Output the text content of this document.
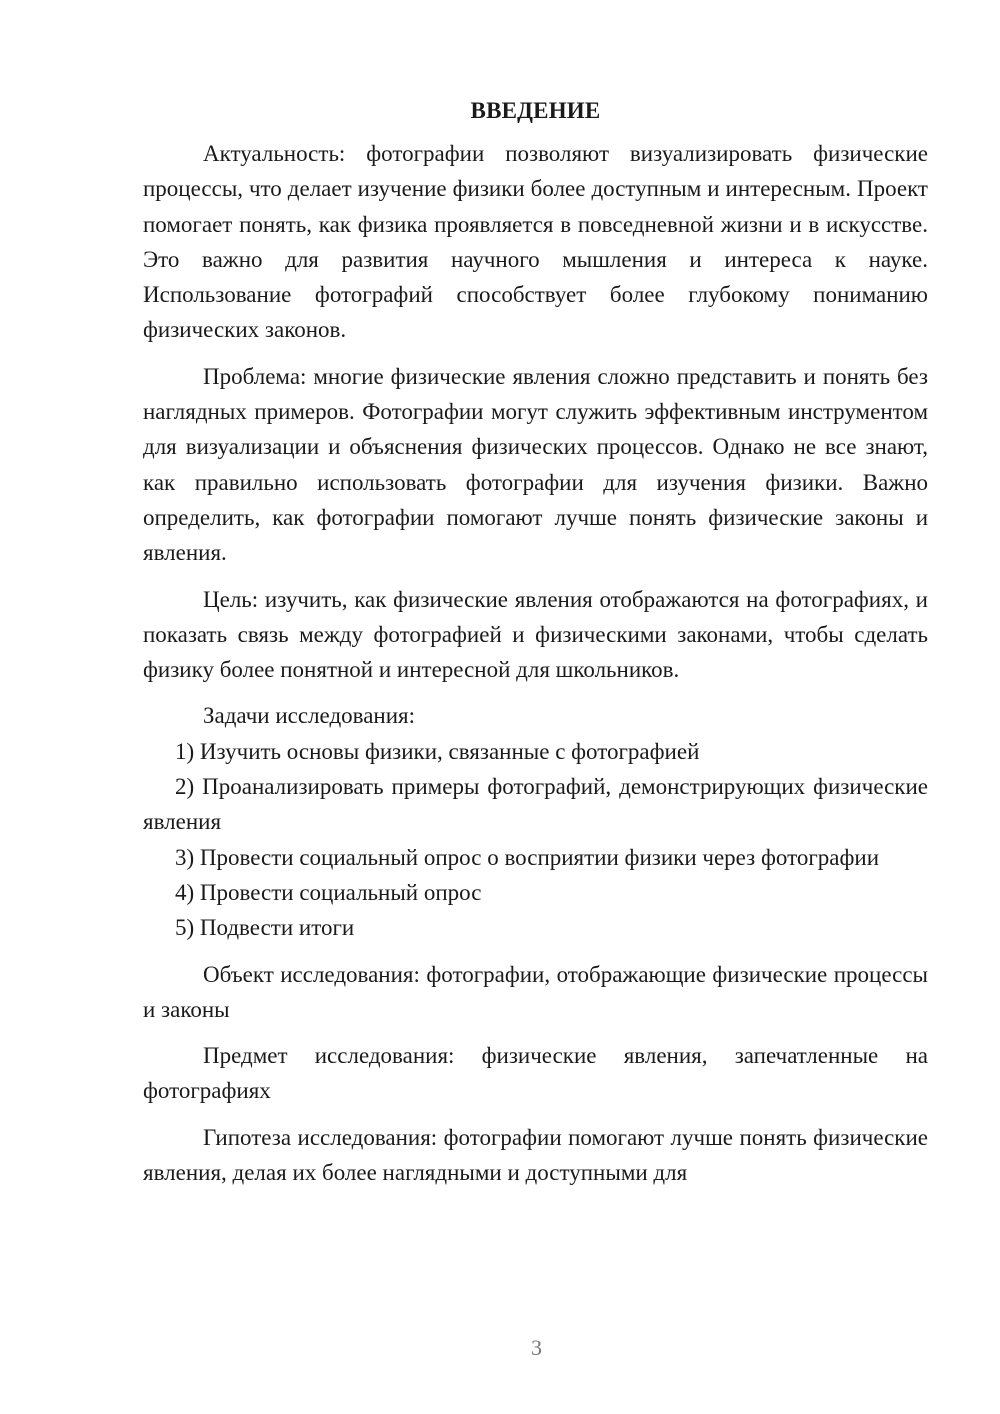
ВВЕДЕНИЕ

Актуальность: фотографии позволяют визуализировать физические процессы, что делает изучение физики более доступным и интересным. Проект помогает понять, как физика проявляется в повседневной жизни и в искусстве. Это важно для развития научного мышления и интереса к науке. Использование фотографий способствует более глубокому пониманию физических законов.

Проблема: многие физические явления сложно представить и понять без наглядных примеров. Фотографии могут служить эффективным инструментом для визуализации и объяснения физических процессов. Однако не все знают, как правильно использовать фотографии для изучения физики. Важно определить, как фотографии помогают лучше понять физические законы и явления.

Цель: изучить, как физические явления отображаются на фотографиях, и показать связь между фотографией и физическими законами, чтобы сделать физику более понятной и интересной для школьников.

Задачи исследования:

1) Изучить основы физики, связанные с фотографией

2) Проанализировать примеры фотографий, демонстрирующих физические явления

3) Провести социальный опрос о восприятии физики через фотографии

4) Провести социальный опрос

5) Подвести итоги

Объект исследования: фотографии, отображающие физические процессы и законы

Предмет исследования: физические явления, запечатленные на фотографиях

Гипотеза исследования: фотографии помогают лучше понять физические явления, делая их более наглядными и доступными для

3
